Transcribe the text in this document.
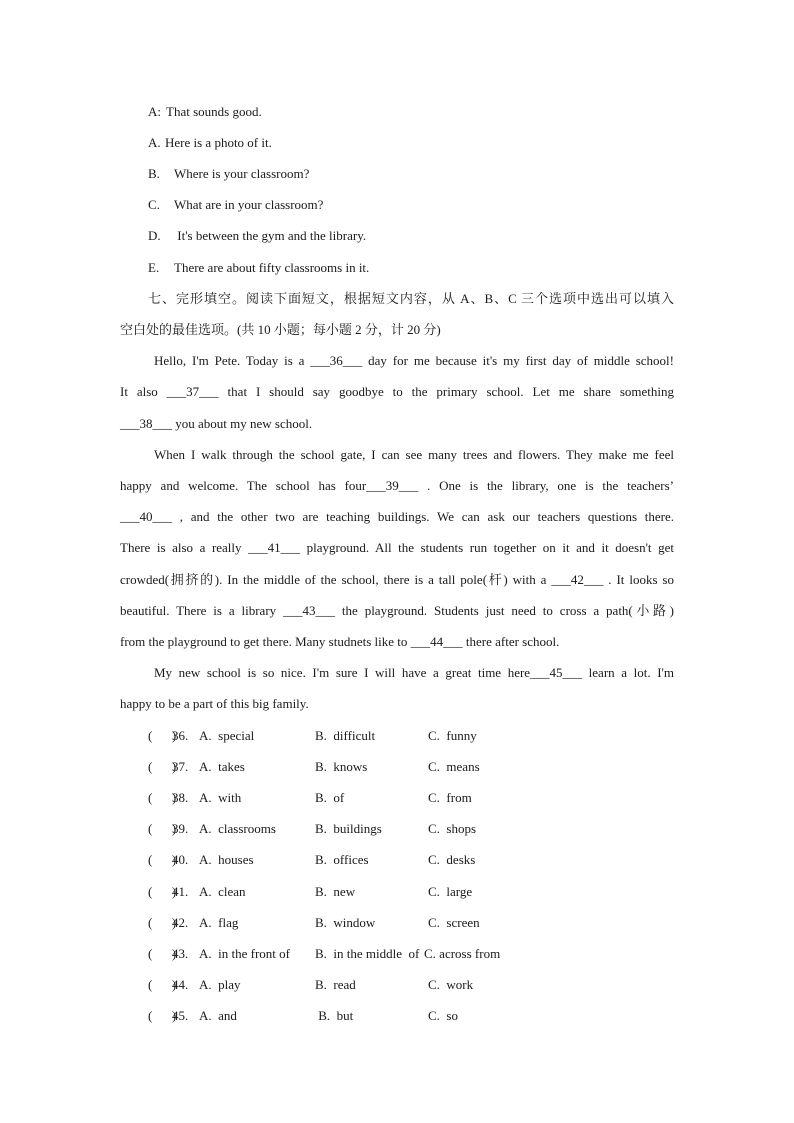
A: That sounds good.
A. Here is a photo of it.
B. Where is your classroom?
C. What are in your classroom?
D. It's between the gym and the library.
E. There are about fifty classrooms in it.
七、完形填空。阅读下面短文，根据短文内容，从 A、B、C 三个选项中选出可以填入
空白处的最佳选项。(共 10 小题；每小题 2 分，计 20 分)
Hello, I'm Pete. Today is a ___36___ day for me because it's my first day of middle school!
It also ___37___ that I should say goodbye to the primary school. Let me share something
___38___ you about my new school.
When I walk through the school gate, I can see many trees and flowers. They make me feel
happy and welcome. The school has four___39___ . One is the library, one is the teachers’
___40___ , and the other two are teaching buildings. We can ask our teachers questions there.
There is also a really ___41___ playground. All the students run together on it and it doesn't get
crowded(拥挤的). In the middle of the school, there is a tall pole(杆) with a ___42___ . It looks so
beautiful. There is a library ___43___ the playground. Students just need to cross a path(小路)
from the playground to get there. Many studnets like to ___44___ there after school.
My new school is so nice. I'm sure I will have a great time here___45___ learn a lot. I'm
happy to be a part of this big family.
(      )
36. A.  special	B.  difficult	C.  funny
(      )
37. A.  takes	B.  knows	C.  means
(      )
38. A.  with	B.  of	C.  from
(      )
39. A.  classrooms	B.  buildings	C.  shops
(      )
40. A.  houses	B.  offices	C.  desks
(      )
41. A.  clean	B.  new	C.  large
(      )
42. A.  flag	B.  window	C.  screen
(      )
43. A.  in the front of B.  in the middle  of C. across from
(      )
44. A.  play	B.  read	C.  work
(      )
45. A.  and	B.  but	C.  so
